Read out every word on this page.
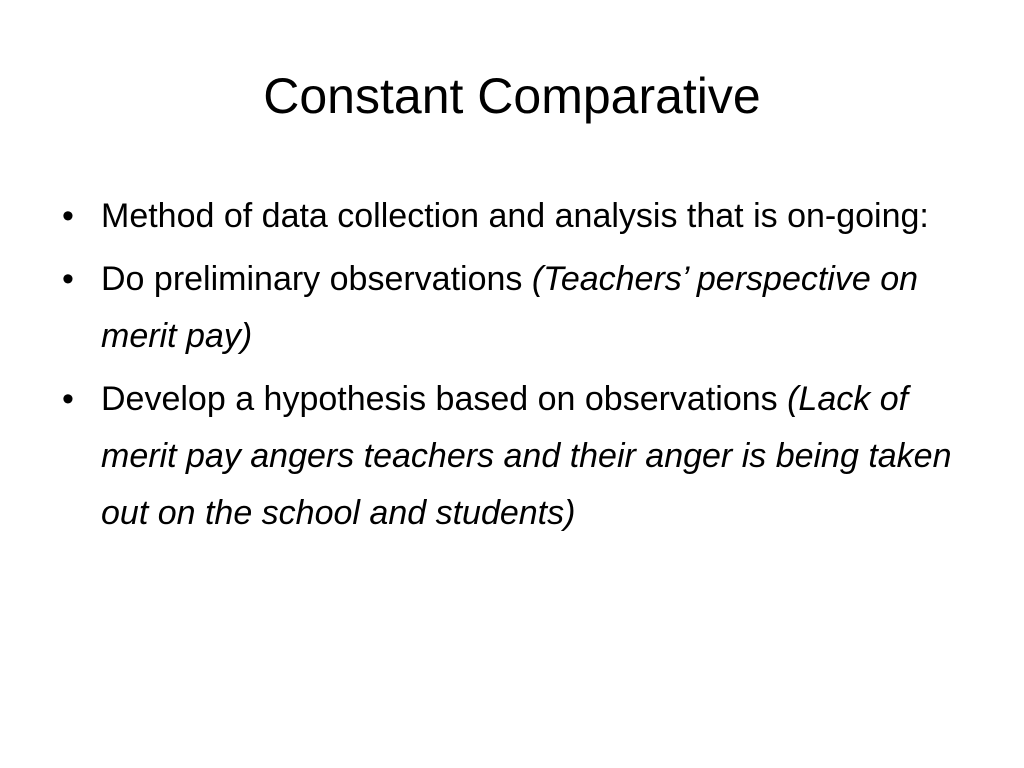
Constant Comparative
• Method of data collection and analysis that is on-going:
• Do preliminary observations (Teachers’ perspective on merit pay)
• Develop a hypothesis based on observations (Lack of merit pay angers teachers and their anger is being taken out on the school and students)
